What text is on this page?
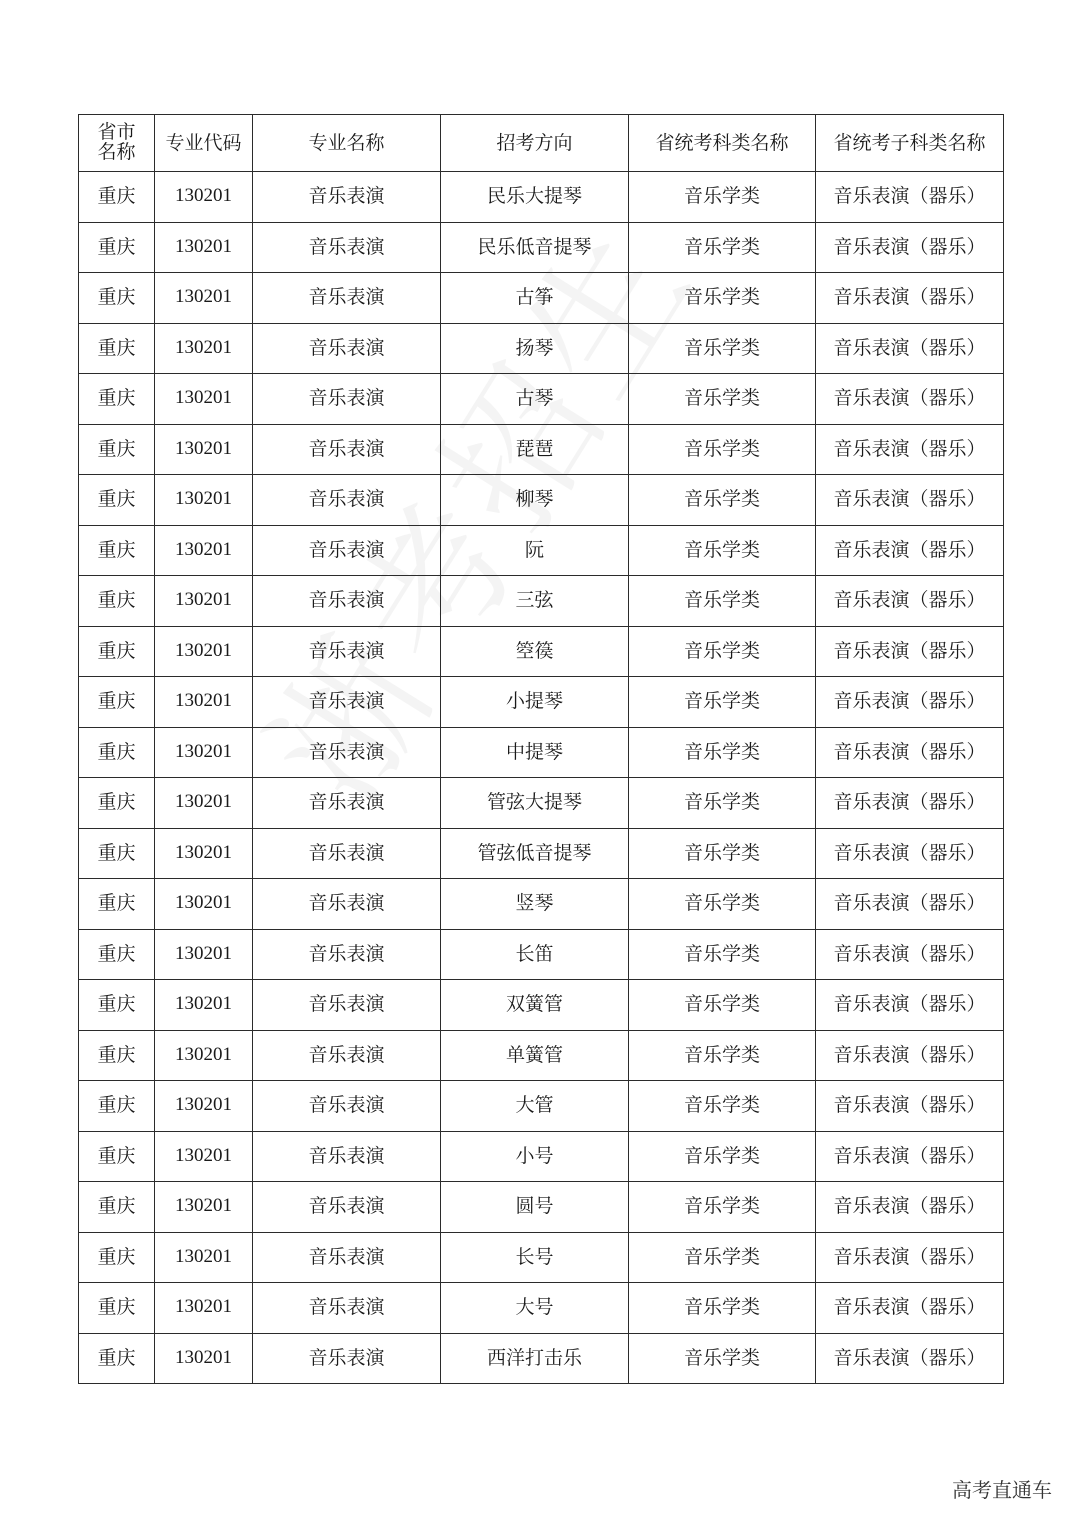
省市
名称	专业代码	专业名称	招考方向	省统考科类名称	省统考子科类名称
重庆	130201	音乐表演	民乐大提琴	音乐学类	音乐表演（器乐）
重庆	130201	音乐表演	民乐低音提琴	音乐学类	音乐表演（器乐）
重庆	130201	音乐表演	古筝	音乐学类	音乐表演（器乐）
重庆	130201	音乐表演	扬琴	音乐学类	音乐表演（器乐）
重庆	130201	音乐表演	古琴	音乐学类	音乐表演（器乐）
重庆	130201	音乐表演	琵琶	音乐学类	音乐表演（器乐）
重庆	130201	音乐表演	柳琴	音乐学类	音乐表演（器乐）
重庆	130201	音乐表演	阮	音乐学类	音乐表演（器乐）
重庆	130201	音乐表演	三弦	音乐学类	音乐表演（器乐）
重庆	130201	音乐表演	箜篌	音乐学类	音乐表演（器乐）
重庆	130201	音乐表演	小提琴	音乐学类	音乐表演（器乐）
重庆	130201	音乐表演	中提琴	音乐学类	音乐表演（器乐）
重庆	130201	音乐表演	管弦大提琴	音乐学类	音乐表演（器乐）
重庆	130201	音乐表演	管弦低音提琴	音乐学类	音乐表演（器乐）
重庆	130201	音乐表演	竖琴	音乐学类	音乐表演（器乐）
重庆	130201	音乐表演	长笛	音乐学类	音乐表演（器乐）
重庆	130201	音乐表演	双簧管	音乐学类	音乐表演（器乐）
重庆	130201	音乐表演	单簧管	音乐学类	音乐表演（器乐）
重庆	130201	音乐表演	大管	音乐学类	音乐表演（器乐）
重庆	130201	音乐表演	小号	音乐学类	音乐表演（器乐）
重庆	130201	音乐表演	圆号	音乐学类	音乐表演（器乐）
重庆	130201	音乐表演	长号	音乐学类	音乐表演（器乐）
重庆	130201	音乐表演	大号	音乐学类	音乐表演（器乐）
重庆	130201	音乐表演	西洋打击乐	音乐学类	音乐表演（器乐）
高考直通车
